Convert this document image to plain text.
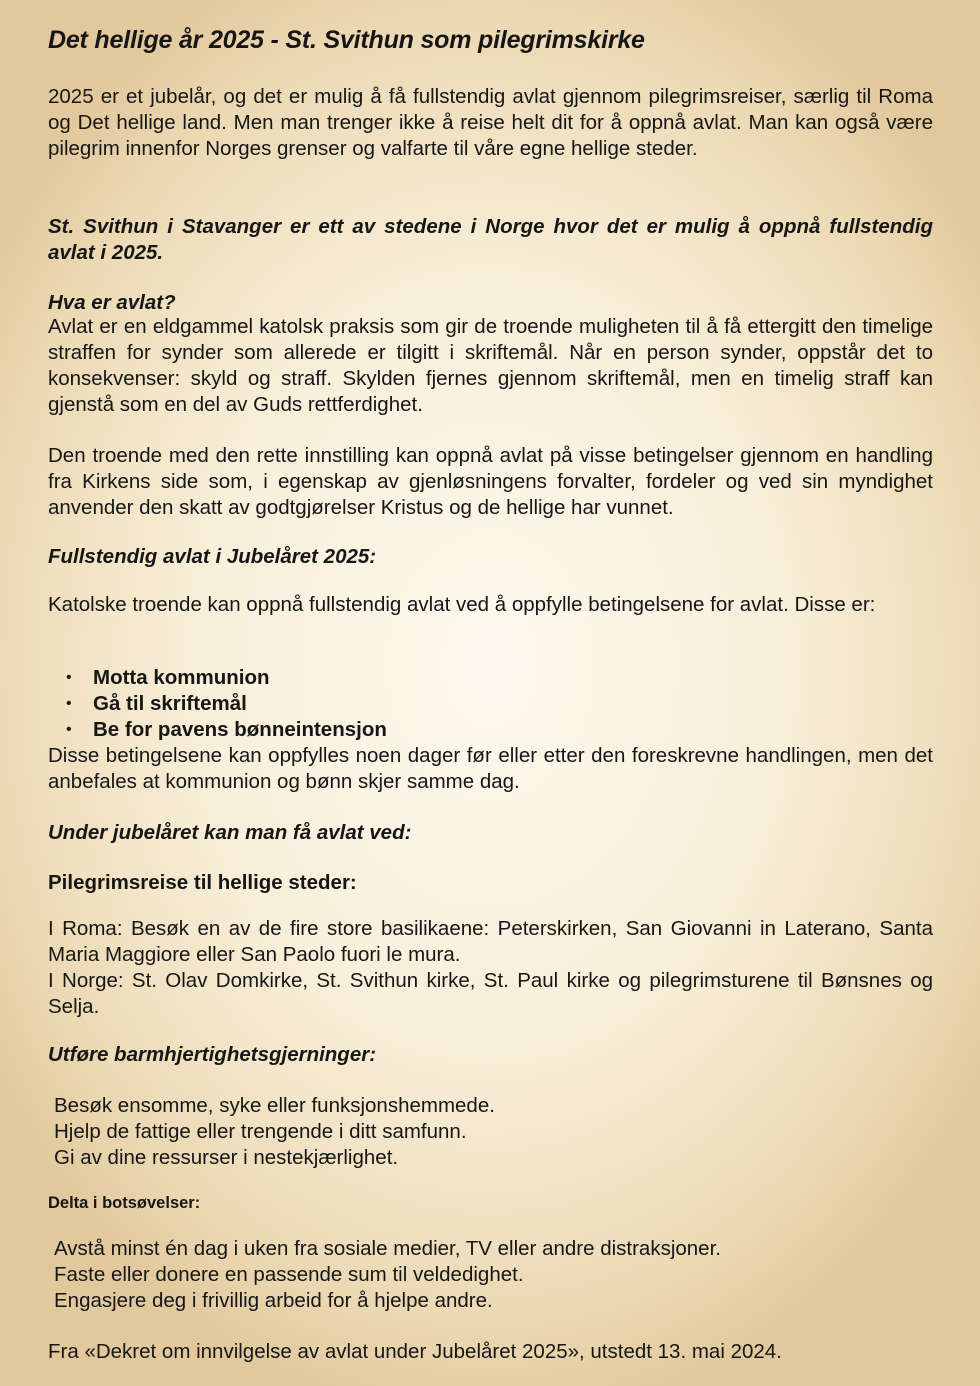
Det hellige år 2025 - St. Svithun som pilegrimskirke
2025 er et jubelår, og det er mulig å få fullstendig avlat gjennom pilegrimsreiser, særlig til Roma og Det hellige land. Men man trenger ikke å reise helt dit for å oppnå avlat. Man kan også være pilegrim innenfor Norges grenser og valfarte til våre egne hellige steder.
St. Svithun i Stavanger er ett av stedene i Norge hvor det er mulig å oppnå fullstendig avlat i 2025.
Hva er avlat?
Avlat er en eldgammel katolsk praksis som gir de troende muligheten til å få ettergitt den timelige straffen for synder som allerede er tilgitt i skriftemål. Når en person synder, oppstår det to konsekvenser: skyld og straff. Skylden fjernes gjennom skriftemål, men en timelig straff kan gjenstå som en del av Guds rettferdighet.
Den troende med den rette innstilling kan oppnå avlat på visse betingelser gjennom en handling fra Kirkens side som, i egenskap av gjenløsningens forvalter, fordeler og ved sin myndighet anvender den skatt av godtgjørelser Kristus og de hellige har vunnet.
Fullstendig avlat i Jubelåret 2025:
Katolske troende kan oppnå fullstendig avlat ved å oppfylle betingelsene for avlat. Disse er:
• Motta kommunion
• Gå til skriftemål
• Be for pavens bønneintensjon
Disse betingelsene kan oppfylles noen dager før eller etter den foreskrevne handlingen, men det anbefales at kommunion og bønn skjer samme dag.
Under jubelåret kan man få avlat ved:
Pilegrimsreise til hellige steder:
I Roma: Besøk en av de fire store basilikaene: Peterskirken, San Giovanni in Laterano, Santa Maria Maggiore eller San Paolo fuori le mura.
I Norge: St. Olav Domkirke, St. Svithun kirke, St. Paul kirke og pilegrimsturene til Bønsnes og Selja.
Utføre barmhjertighetsgjerninger:
Besøk ensomme, syke eller funksjonshemmede.
Hjelp de fattige eller trengende i ditt samfunn.
Gi av dine ressurser i nestekjærlighet.
Delta i botsøvelser:
Avstå minst én dag i uken fra sosiale medier, TV eller andre distraksjoner.
Faste eller donere en passende sum til veldedighet.
Engasjere deg i frivillig arbeid for å hjelpe andre.
Fra «Dekret om innvilgelse av avlat under Jubelåret 2025», utstedt 13. mai 2024.
